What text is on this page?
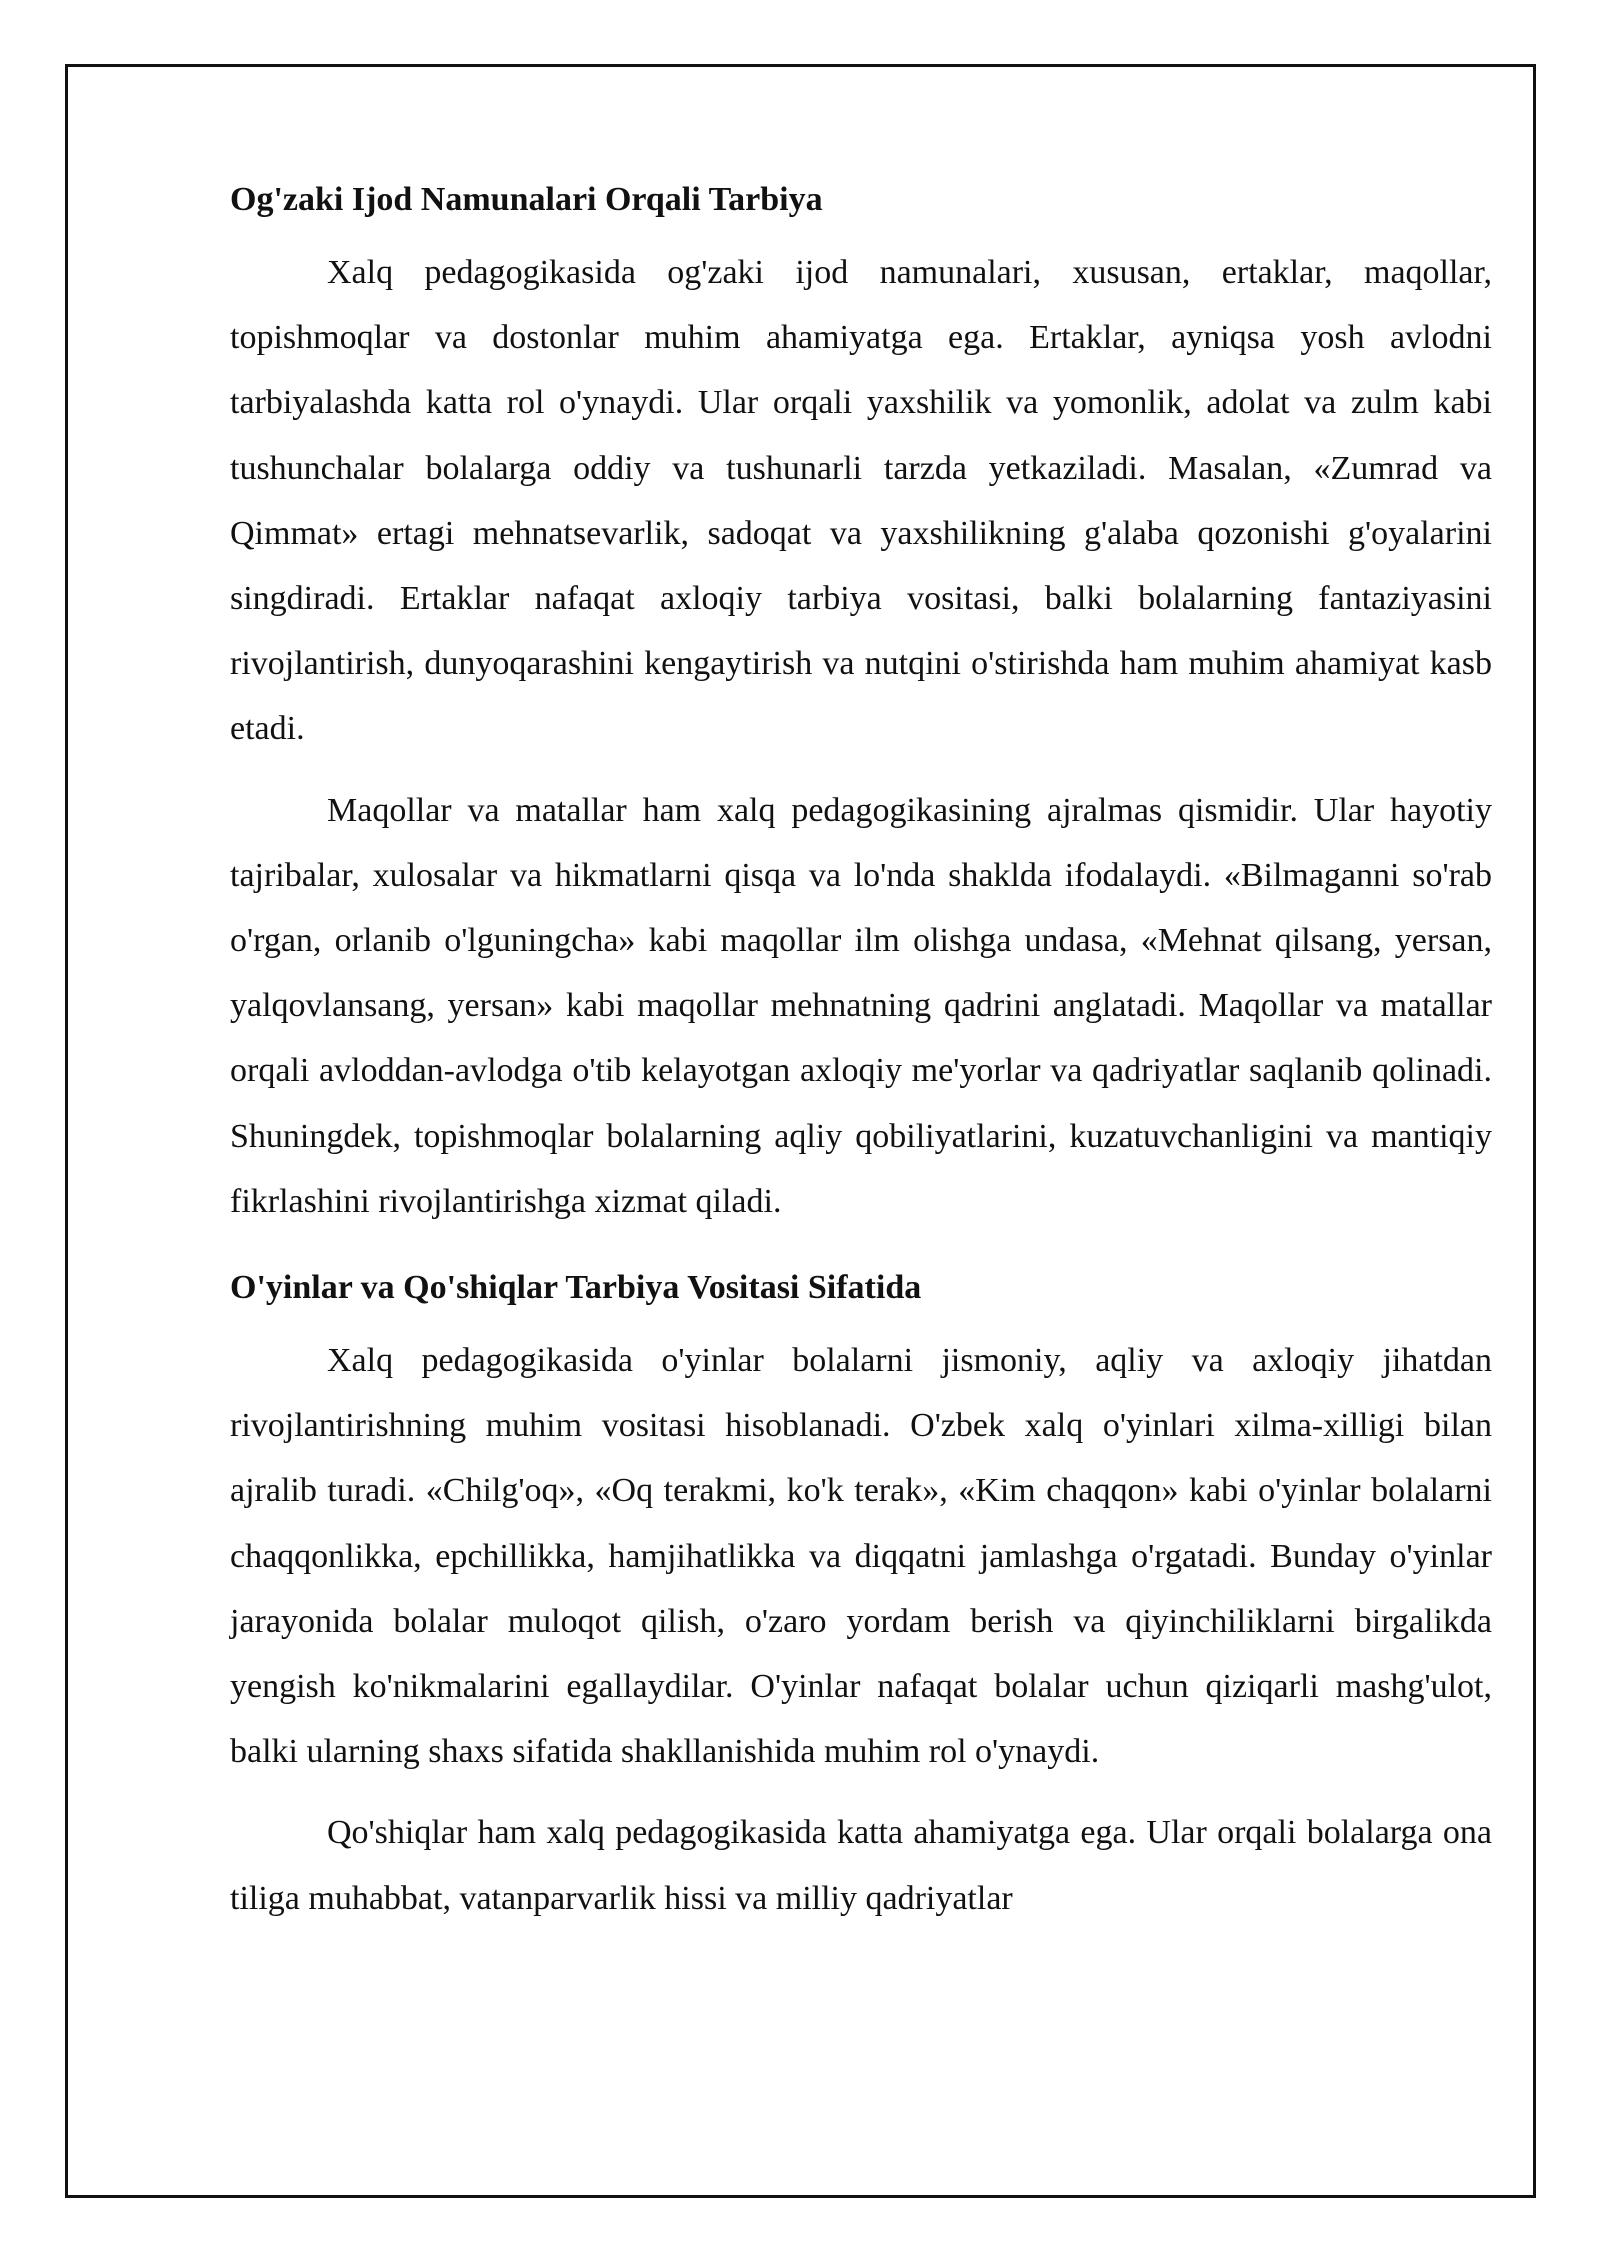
Og'zaki Ijod Namunalari Orqali Tarbiya

Xalq pedagogikasida og'zaki ijod namunalari, xususan, ertaklar, maqollar, topishmoqlar va dostonlar muhim ahamiyatga ega. Ertaklar, ayniqsa yosh avlodni tarbiyalashda katta rol o'ynaydi. Ular orqali yaxshilik va yomonlik, adolat va zulm kabi tushunchalar bolalarga oddiy va tushunarli tarzda yetkaziladi. Masalan, «Zumrad va Qimmat» ertagi mehnatsevarlik, sadoqat va yaxshilikning g'alaba qozonishi g'oyalarini singdiradi. Ertaklar nafaqat axloqiy tarbiya vositasi, balki bolalarning fantaziyasini rivojlantirish, dunyoqarashini kengaytirish va nutqini o'stirishda ham muhim ahamiyat kasb etadi.

Maqollar va matallar ham xalq pedagogikasining ajralmas qismidir. Ular hayotiy tajribalar, xulosalar va hikmatlarni qisqa va lo'nda shaklda ifodalaydi. «Bilmaganni so'rab o'rgan, orlanib o'lguningcha» kabi maqollar ilm olishga undasa, «Mehnat qilsang, yersan, yalqovlansang, yersan» kabi maqollar mehnatning qadrini anglatadi. Maqollar va matallar orqali avloddan-avlodga o'tib kelayotgan axloqiy me'yorlar va qadriyatlar saqlanib qolinadi. Shuningdek, topishmoqlar bolalarning aqliy qobiliyatlarini, kuzatuvchanligini va mantiqiy fikrlashini rivojlantirishga xizmat qiladi.

O'yinlar va Qo'shiqlar Tarbiya Vositasi Sifatida

Xalq pedagogikasida o'yinlar bolalarni jismoniy, aqliy va axloqiy jihatdan rivojlantirishning muhim vositasi hisoblanadi. O'zbek xalq o'yinlari xilma-xilligi bilan ajralib turadi. «Chilg'oq», «Oq terakmi, ko'k terak», «Kim chaqqon» kabi o'yinlar bolalarni chaqqonlikka, epchillikka, hamjihatlikka va diqqatni jamlashga o'rgatadi. Bunday o'yinlar jarayonida bolalar muloqot qilish, o'zaro yordam berish va qiyinchiliklarni birgalikda yengish ko'nikmalarini egallaydilar. O'yinlar nafaqat bolalar uchun qiziqarli mashg'ulot, balki ularning shaxs sifatida shakllanishida muhim rol o'ynaydi.

Qo'shiqlar ham xalq pedagogikasida katta ahamiyatga ega. Ular orqali bolalarga ona tiliga muhabbat, vatanparvarlik hissi va milliy qadriyatlar
